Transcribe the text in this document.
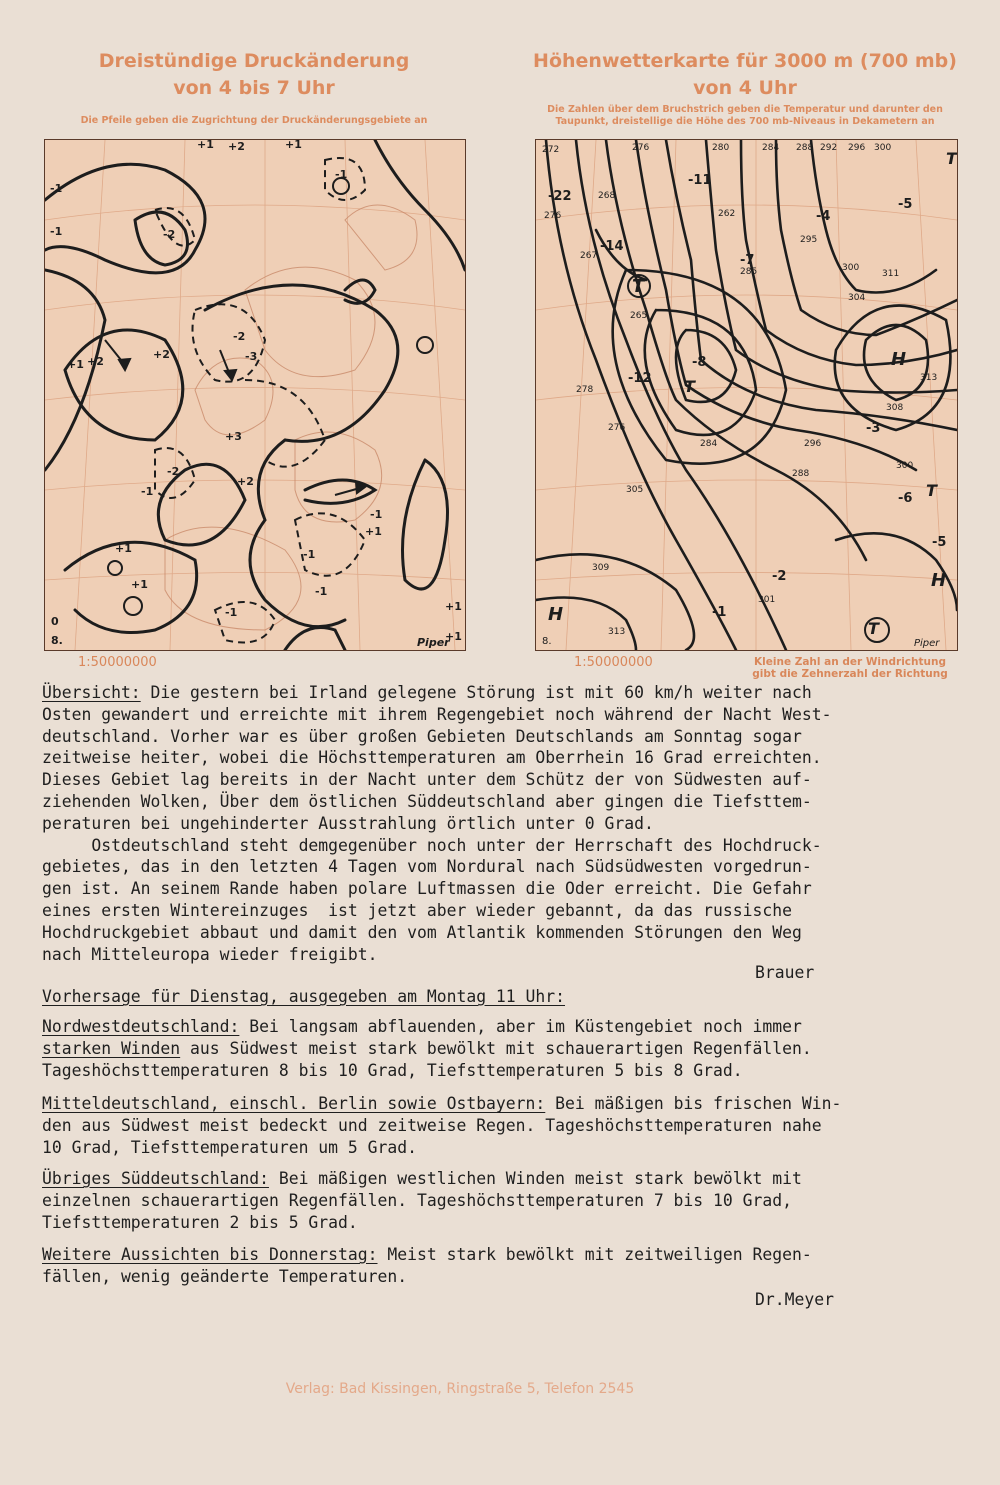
Dreistündige Druckänderung
von 4 bis 7 Uhr
Die Pfeile geben die Zugrichtung der Druckänderungsgebiete an
Höhenwetterkarte für 3000 m (700 mb)
von 4 Uhr
Die Zahlen über dem Bruchstrich geben die Temperatur und darunter den
Taupunkt, dreistellige die Höhe des 700 mb-Niveaus in Dekametern an
+1 +2	+1
-1
-1	-2
-1
+2
+1 +2
-2
-3
+3
-2
-1
+2
-1
+1
+1	-1
+1
+1
-1
+1
0
-1
8.	Piper
H
H
H
T
T
T
T
T
272	276	280	284 288 292 296 300
268
276
267
265
262
285
295
300
304
311
313
308
300
296
288
284
278
276
305
301
309
313
-22
-14
-11
-7
-5
-4
-3
-6
-8
-12
-1
-2
-5
8.	Piper
1:50000000	1:50000000	Kleine Zahl an der Windrichtung
gibt die Zehnerzahl der Richtung
Übersicht: Die gestern bei Irland gelegene Störung ist mit 60 km/h weiter nach
Osten gewandert und erreichte mit ihrem Regengebiet noch während der Nacht West-
deutschland. Vorher war es über großen Gebieten Deutschlands am Sonntag sogar
zeitweise heiter, wobei die Höchsttemperaturen am Oberrhein 16 Grad erreichten.
Dieses Gebiet lag bereits in der Nacht unter dem Schütz der von Südwesten auf-
ziehenden Wolken, Über dem östlichen Süddeutschland aber gingen die Tiefsttem-
peraturen bei ungehinderter Ausstrahlung örtlich unter 0 Grad.
Ostdeutschland steht demgegenüber noch unter der Herrschaft des Hochdruck-
gebietes, das in den letzten 4 Tagen vom Nordural nach Südsüdwesten vorgedrun-
gen ist. An seinem Rande haben polare Luftmassen die Oder erreicht. Die Gefahr
eines ersten Wintereinzuges  ist jetzt aber wieder gebannt, da das russische
Hochdruckgebiet abbaut und damit den vom Atlantik kommenden Störungen den Weg
nach Mitteleuropa wieder freigibt.
Brauer
Vorhersage für Dienstag, ausgegeben am Montag 11 Uhr:
Nordwestdeutschland: Bei langsam abflauenden, aber im Küstengebiet noch immer
starken Winden aus Südwest meist stark bewölkt mit schauerartigen Regenfällen.
Tageshöchsttemperaturen 8 bis 10 Grad, Tiefsttemperaturen 5 bis 8 Grad.
Mitteldeutschland, einschl. Berlin sowie Ostbayern: Bei mäßigen bis frischen Win-
den aus Südwest meist bedeckt und zeitweise Regen. Tageshöchsttemperaturen nahe
10 Grad, Tiefsttemperaturen um 5 Grad.
Übriges Süddeutschland: Bei mäßigen westlichen Winden meist stark bewölkt mit
einzelnen schauerartigen Regenfällen. Tageshöchsttemperaturen 7 bis 10 Grad,
Tiefsttemperaturen 2 bis 5 Grad.
Weitere Aussichten bis Donnerstag: Meist stark bewölkt mit zeitweiligen Regen-
fällen, wenig geänderte Temperaturen.
Dr.Meyer
Verlag: Bad Kissingen, Ringstraße 5, Telefon 2545
